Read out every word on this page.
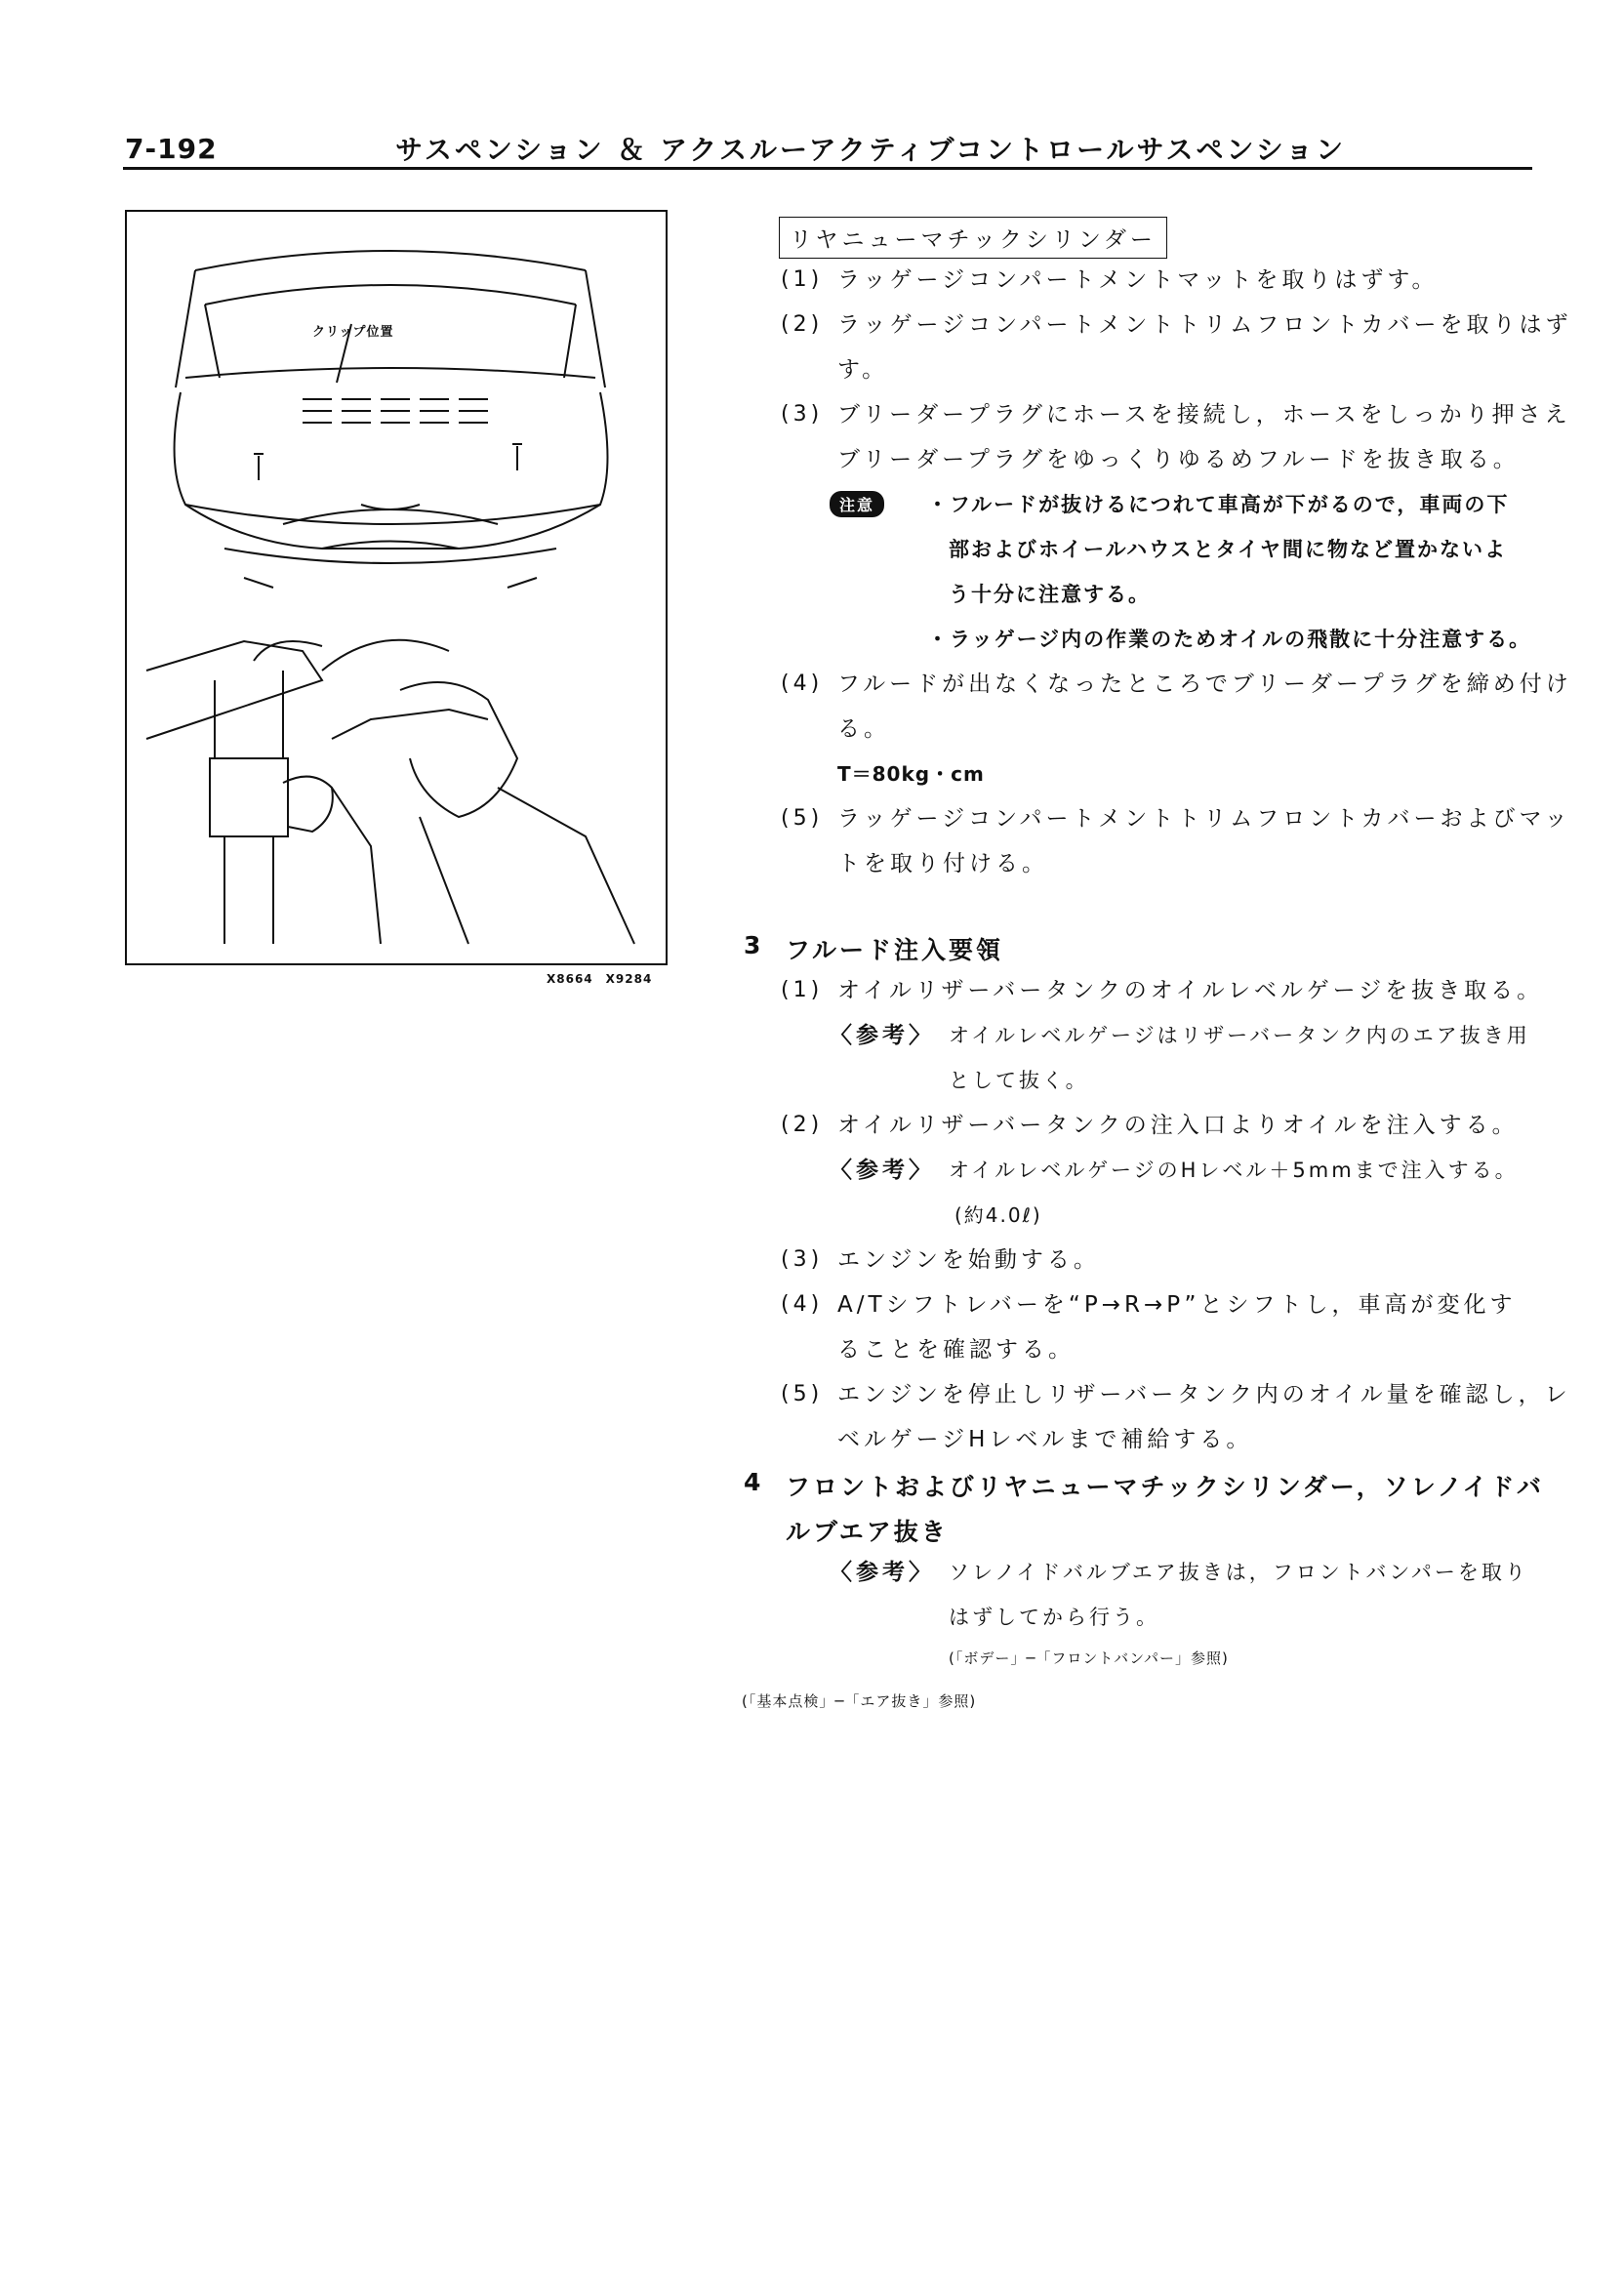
7-192	サスペンション ＆ アクスルーアクティブコントロールサスペンション
クリップ位置
X8664　X9284
リヤニューマチックシリンダー
(1) ラッゲージコンパートメントマットを取りはずす。
(2) ラッゲージコンパートメントトリムフロントカバーを取りはず
す。
(3) ブリーダープラグにホースを接続し，ホースをしっかり押さえ
ブリーダープラグをゆっくりゆるめフルードを抜き取る。
注意	・フルードが抜けるにつれて車高が下がるので，車両の下
部およびホイールハウスとタイヤ間に物など置かないよ
う十分に注意する。
・ラッゲージ内の作業のためオイルの飛散に十分注意する。
(4) フルードが出なくなったところでブリーダープラグを締め付け
る。
T＝80kg・cm
(5) ラッゲージコンパートメントトリムフロントカバーおよびマッ
トを取り付ける。
3 フルード注入要領
(1) オイルリザーバータンクのオイルレベルゲージを抜き取る。
〈参考〉 オイルレベルゲージはリザーバータンク内のエア抜き用
として抜く。
(2) オイルリザーバータンクの注入口よりオイルを注入する。
〈参考〉 オイルレベルゲージのHレベル＋5mmまで注入する。
(約4.0ℓ)
(3) エンジンを始動する。
(4) A/Tシフトレバーを“P→R→P”とシフトし，車高が変化す
ることを確認する。
(5) エンジンを停止しリザーバータンク内のオイル量を確認し，レ
ベルゲージHレベルまで補給する。
4 フロントおよびリヤニューマチックシリンダー，ソレノイドバ
ルブエア抜き
〈参考〉 ソレノイドバルブエア抜きは，フロントバンパーを取り
はずしてから行う。
(「ボデー」─「フロントバンパー」参照)
(「基本点検」─「エア抜き」参照)
